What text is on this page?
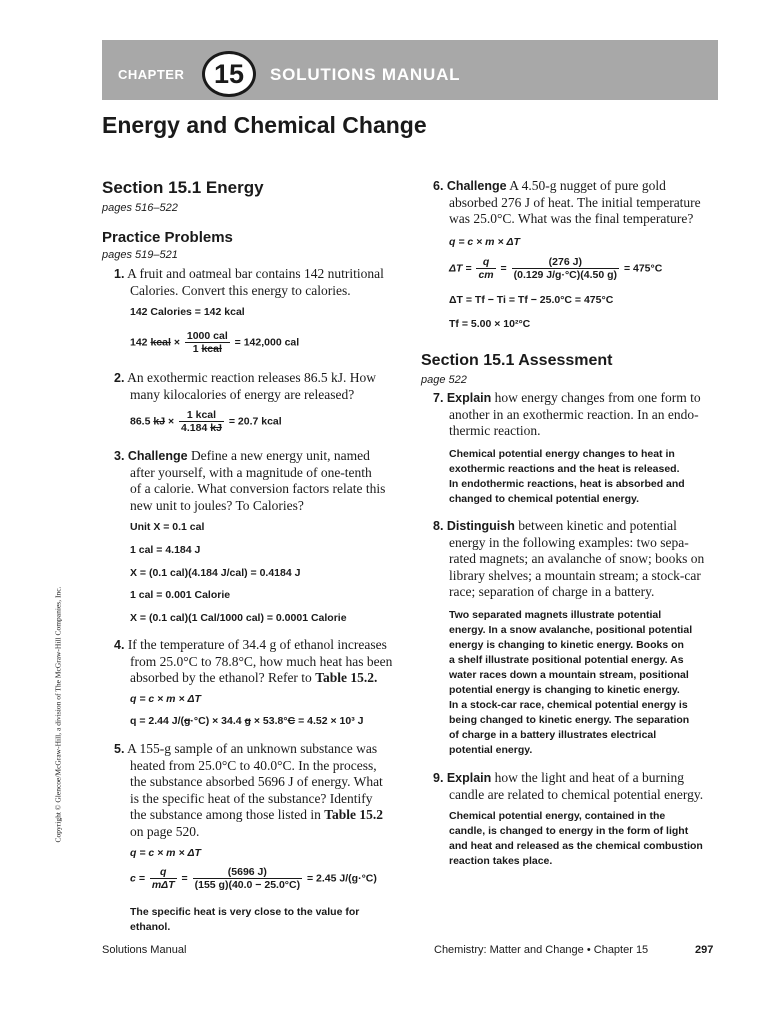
CHAPTER	15	SOLUTIONS MANUAL
Energy and Chemical Change
Copyright © Glencoe/McGraw-Hill, a division of The McGraw-Hill Companies, Inc.
Section 15.1 Energy
pages 516–522
Practice Problems
pages 519–521
1. A fruit and oatmeal bar contains 142 nutritional
Calories. Convert this energy to calories.
142 Calories = 142 kcal
142 kcal × $\frac{\text{1000 cal}}{\text{1 kcal}} = 142,000$ cal
2. An exothermic reaction releases 86.5 kJ. How
many kilocalories of energy are released?
86.5 kJ × $\frac{\text{1 kcal}}{4.184 kJ} = 20.7$ kcal
3. Challenge Define a new energy unit, named
after yourself, with a magnitude of one-tenth
of a calorie. What conversion factors relate this
new unit to joules? To Calories?
Unit X = 0.1 cal
1 cal = 4.184 J
X = (0.1 cal)(4.184 J/cal) = 0.4184 J
1 cal = 0.001 Calorie
X = (0.1 cal)(1 Cal/1000 cal) = 0.0001 Calorie
4. If the temperature of 34.4 g of ethanol increases
from 25.0°C to 78.8°C, how much heat has been
absorbed by the ethanol? Refer to Table 15.2.
q = c × m × ΔT
q = 2.44 J/(g·°C) × 34.4 g × 53.8°C = 4.52 × 10³ J
5. A 155-g sample of an unknown substance was
heated from 25.0°C to 40.0°C. In the process,
the substance absorbed 5696 J of energy. What
is the specific heat of the substance? Identify
the substance among those listed in Table 15.2
on page 520.
q = c × m × ΔT
$c = \frac{q}{\text{mΔT}} = \frac{(5696 J)}{(155 g)(40.0 - 25.0^\circ C)} = 2.45$ J/(g·°C)
The specific heat is very close to the value for
ethanol.
6. Challenge A 4.50-g nugget of pure gold
absorbed 276 J of heat. The initial temperature
was 25.0°C. What was the final temperature?
q = c × m × ΔT
$\Delta T = \frac{q}{cm} = \frac{(276 J)}{(0.129 J/g\cdot^\circ C)(4.50 g)} = 475^\circ C$
ΔT = Tf − Ti = Tf − 25.0°C = 475°C
Tf = 5.00 × 10²°C
Section 15.1 Assessment
page 522
7. Explain how energy changes from one form to
another in an exothermic reaction. In an endo-
thermic reaction.
Chemical potential energy changes to heat in
exothermic reactions and the heat is released.
In endothermic reactions, heat is absorbed and
changed to chemical potential energy.
8. Distinguish between kinetic and potential
energy in the following examples: two sepa-
rated magnets; an avalanche of snow; books on
library shelves; a mountain stream; a stock-car
race; separation of charge in a battery.
Two separated magnets illustrate potential
energy. In a snow avalanche, positional potential
energy is changing to kinetic energy. Books on
a shelf illustrate positional potential energy. As
water races down a mountain stream, positional
potential energy is changing to kinetic energy.
In a stock-car race, chemical potential energy is
being changed to kinetic energy. The separation
of charge in a battery illustrates electrical
potential energy.
9. Explain how the light and heat of a burning
candle are related to chemical potential energy.
Chemical potential energy, contained in the
candle, is changed to energy in the form of light
and heat and released as the chemical combustion
reaction takes place.
Solutions Manual	Chemistry: Matter and Change • Chapter 15	297
